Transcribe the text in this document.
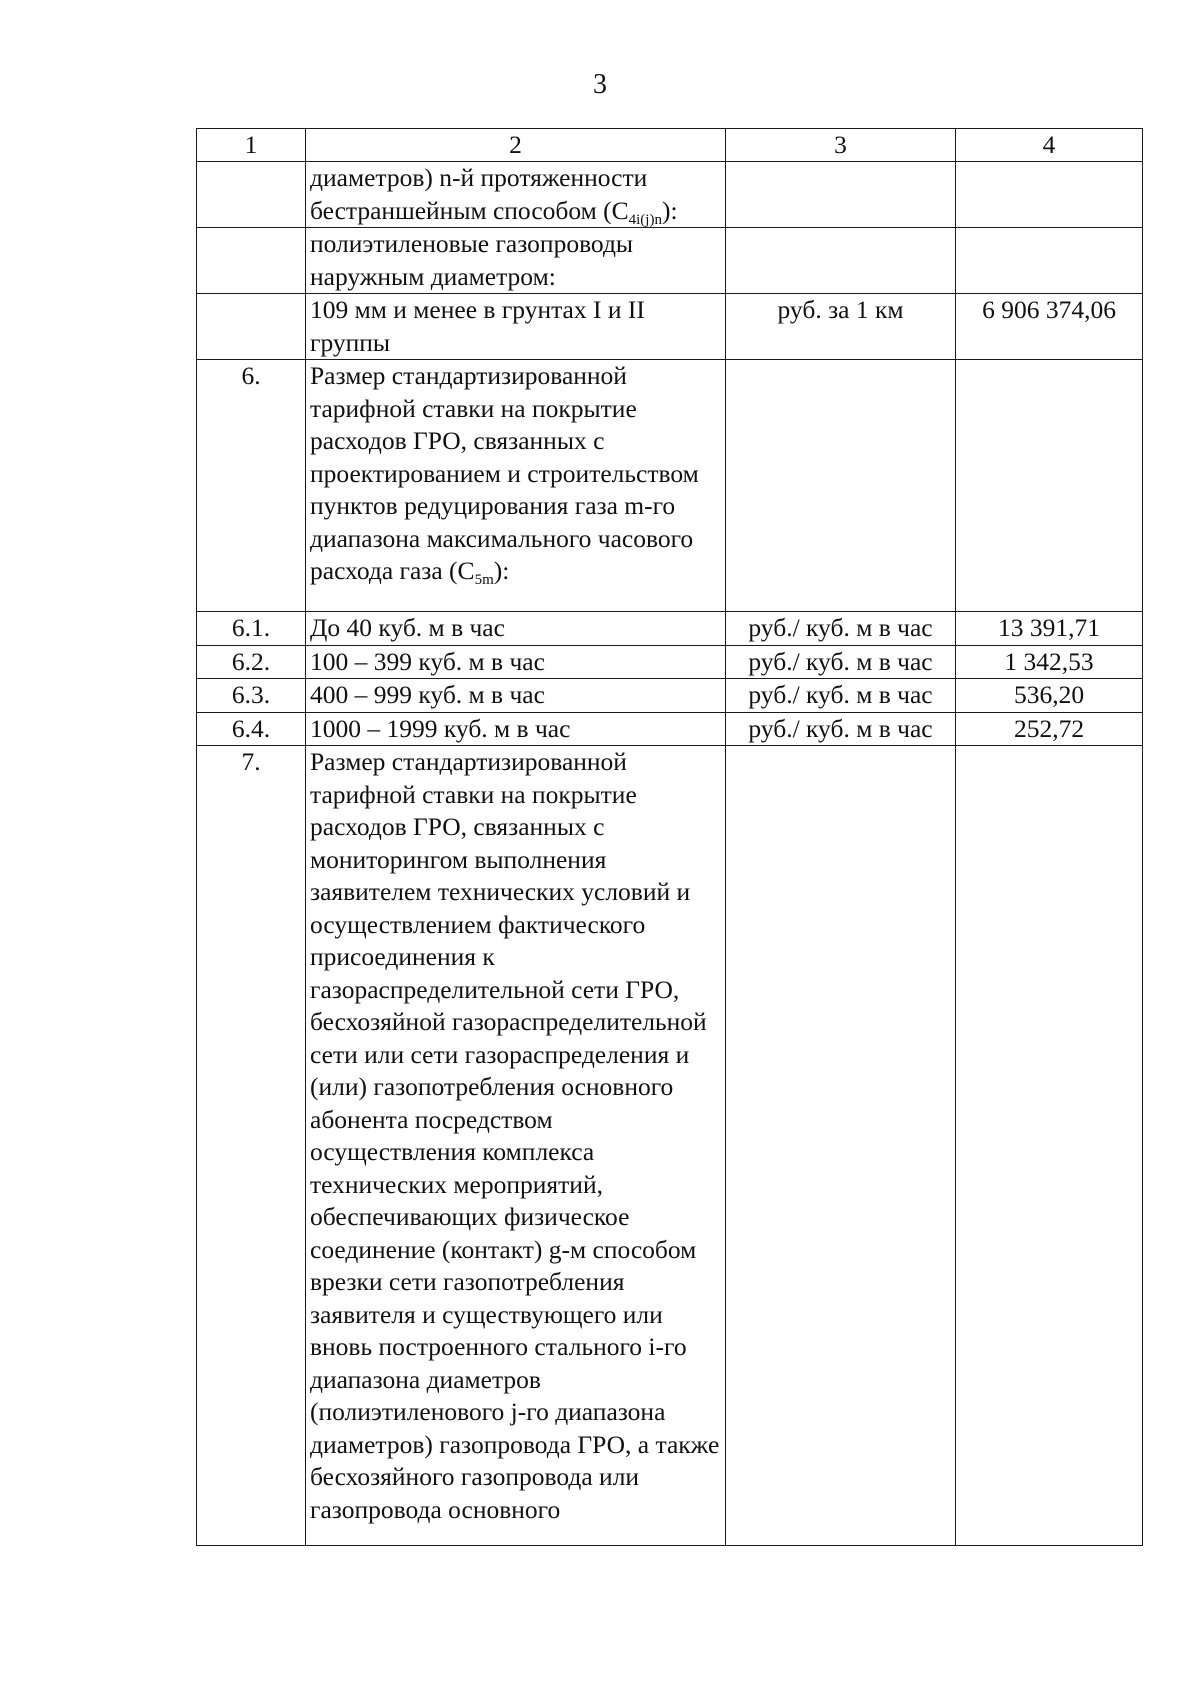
3
1	2	3	4
	диаметров) n-й протяженности бестраншейным способом $(C_{4i(j)n})$:		
	полиэтиленовые газопроводы наружным диаметром:		
	109 мм и менее в грунтах I и II группы	руб. за 1 км	6 906 374,06
6.	Размер стандартизированной тарифной ставки на покрытие расходов ГРО, связанных с проектированием и строительством пунктов редуцирования газа m-го диапазона максимального часового расхода газа $(C_{5m})$:		
6.1.	До 40 куб. м в час	руб./ куб. м в час	13 391,71
6.2.	100 – 399 куб. м в час	руб./ куб. м в час	1 342,53
6.3.	400 – 999 куб. м в час	руб./ куб. м в час	536,20
6.4.	1000 – 1999 куб. м в час	руб./ куб. м в час	252,72
7.	Размер стандартизированной тарифной ставки на покрытие расходов ГРО, связанных с мониторингом выполнения заявителем технических условий и осуществлением фактического присоединения к газораспределительной сети ГРО, бесхозяйной газораспределительной сети или сети газораспределения и (или) газопотребления основного абонента посредством осуществления комплекса технических мероприятий, обеспечивающих физическое соединение (контакт) g-м способом врезки сети газопотребления заявителя и существующего или вновь построенного стального i-го диапазона диаметров (полиэтиленового j-го диапазона диаметров) газопровода ГРО, а также бесхозяйного газопровода или газопровода основного		
